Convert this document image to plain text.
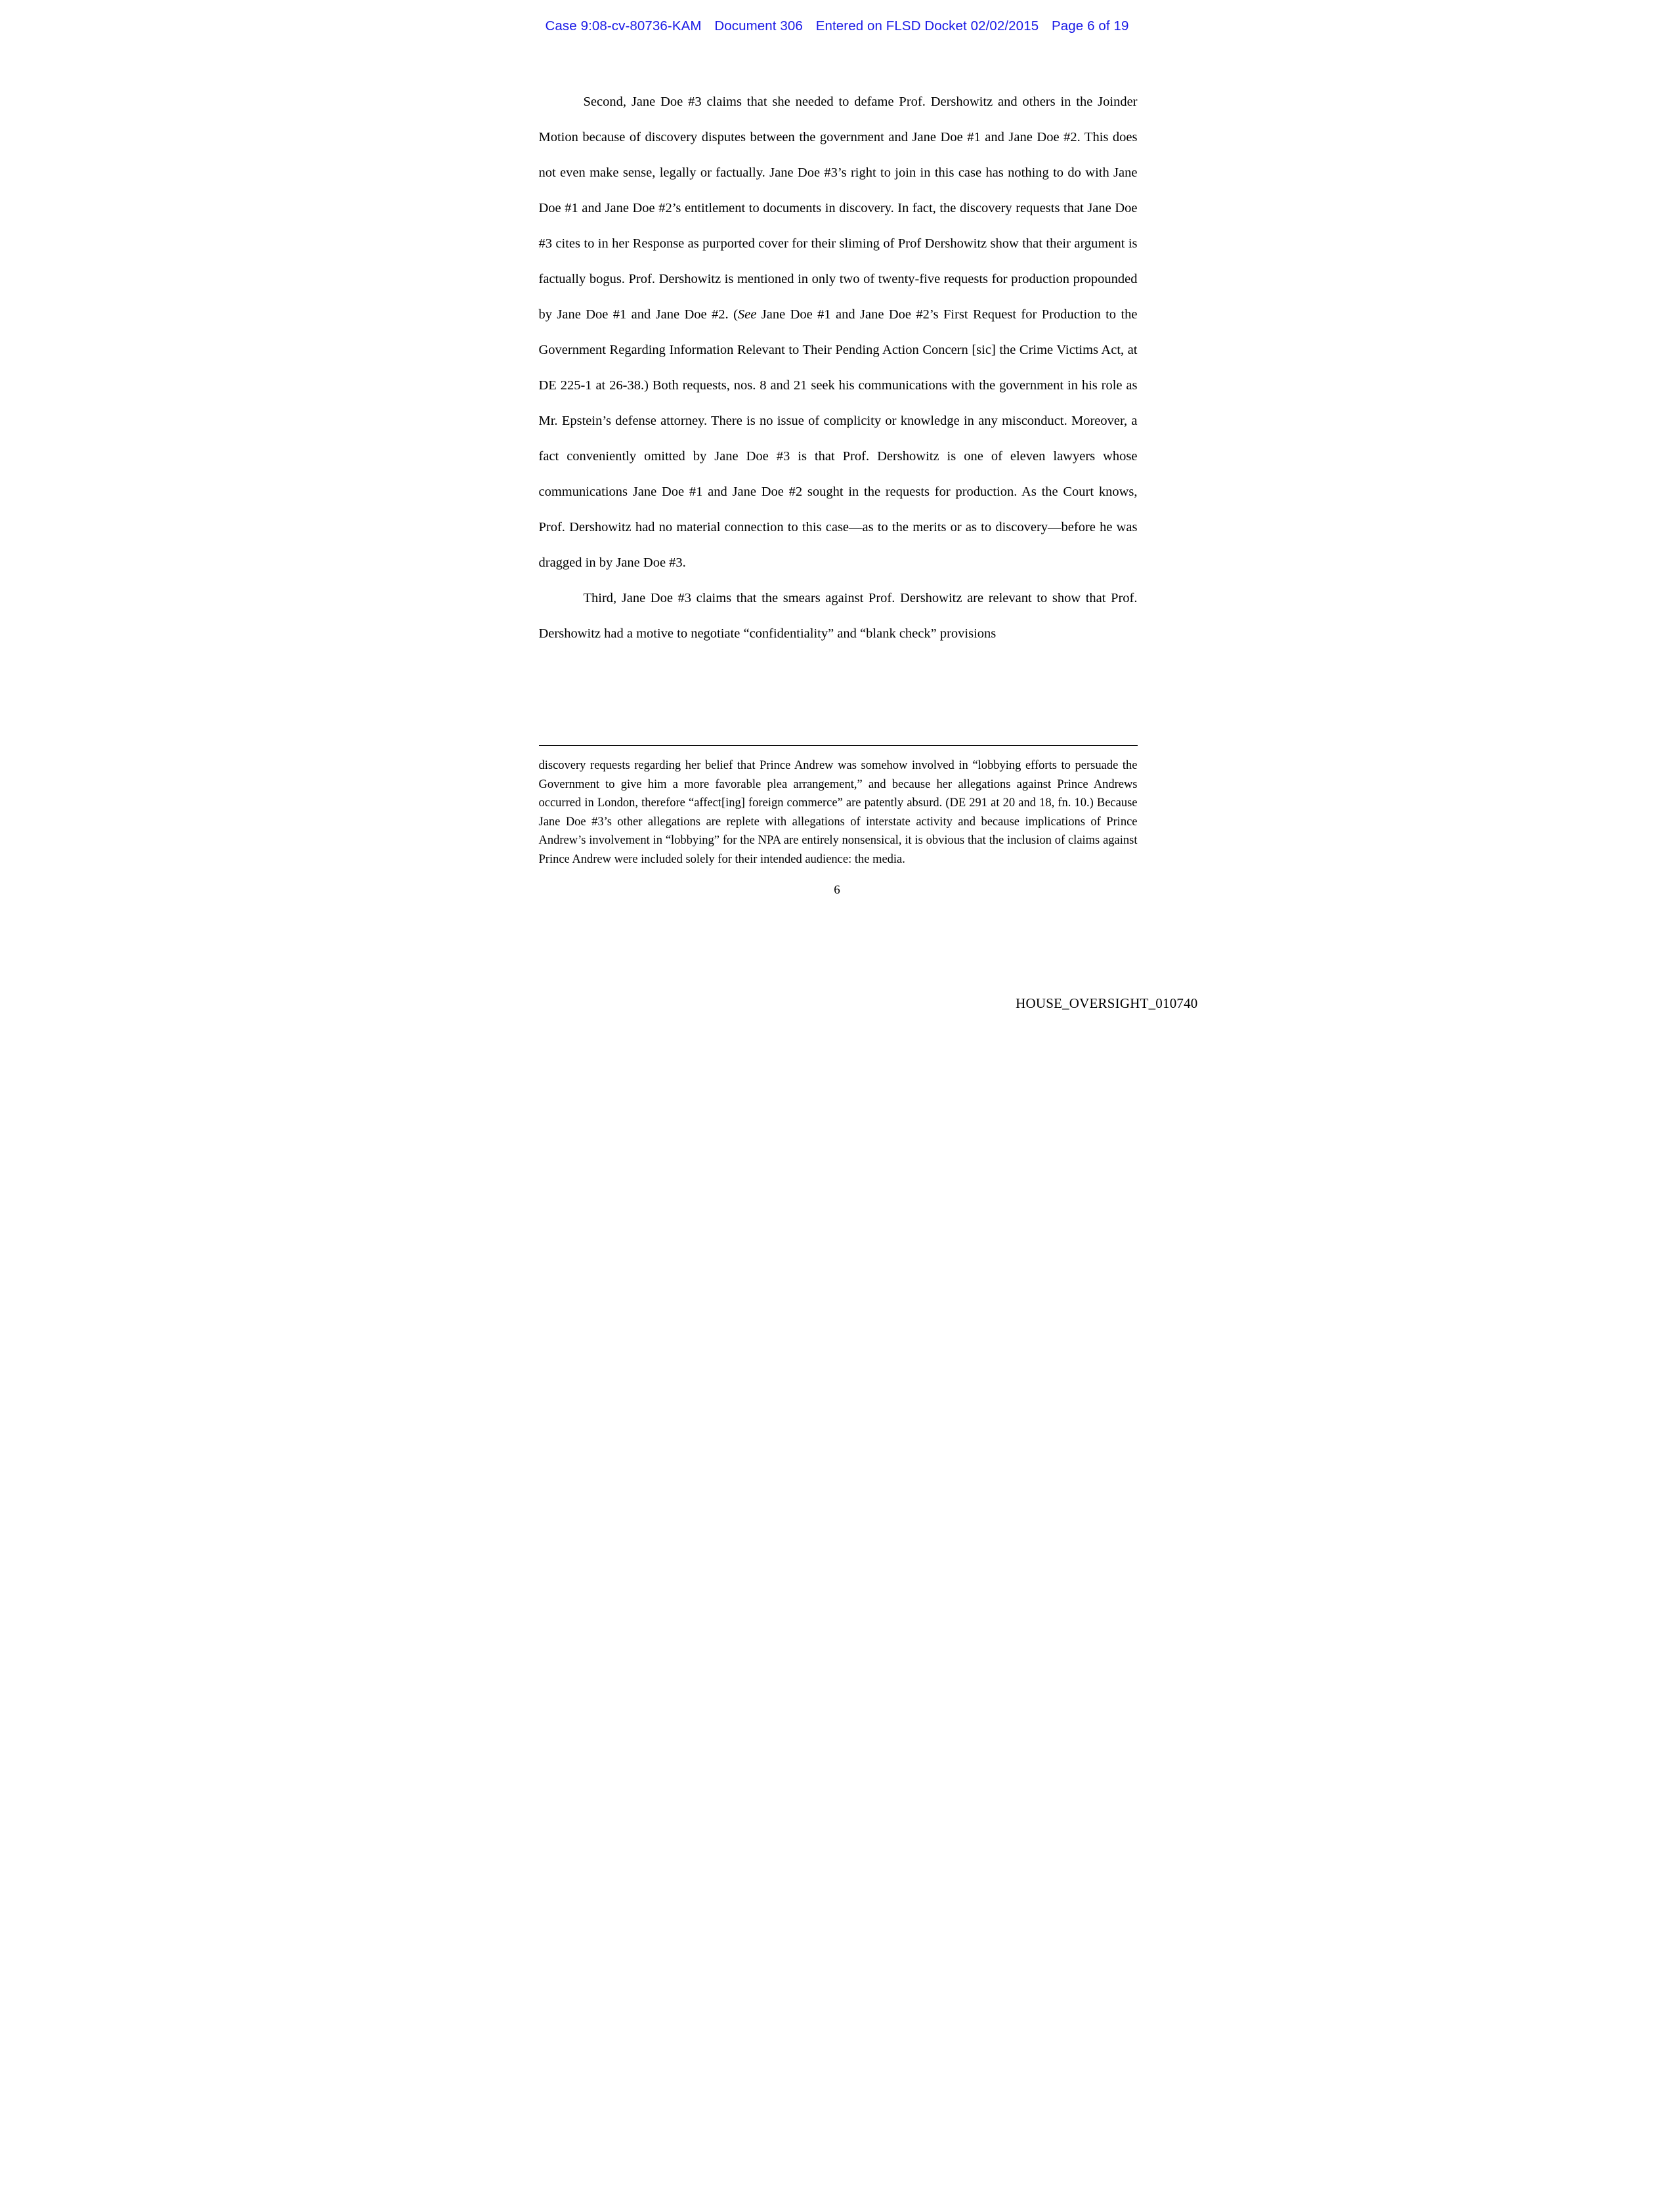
Case 9:08-cv-80736-KAM Document 306 Entered on FLSD Docket 02/02/2015 Page 6 of 19

Second, Jane Doe #3 claims that she needed to defame Prof. Dershowitz and others in the Joinder Motion because of discovery disputes between the government and Jane Doe #1 and Jane Doe #2. This does not even make sense, legally or factually. Jane Doe #3’s right to join in this case has nothing to do with Jane Doe #1 and Jane Doe #2’s entitlement to documents in discovery. In fact, the discovery requests that Jane Doe #3 cites to in her Response as purported cover for their sliming of Prof Dershowitz show that their argument is factually bogus. Prof. Dershowitz is mentioned in only two of twenty-five requests for production propounded by Jane Doe #1 and Jane Doe #2. (See Jane Doe #1 and Jane Doe #2’s First Request for Production to the Government Regarding Information Relevant to Their Pending Action Concern [sic] the Crime Victims Act, at DE 225-1 at 26-38.) Both requests, nos. 8 and 21 seek his communications with the government in his role as Mr. Epstein’s defense attorney. There is no issue of complicity or knowledge in any misconduct. Moreover, a fact conveniently omitted by Jane Doe #3 is that Prof. Dershowitz is one of eleven lawyers whose communications Jane Doe #1 and Jane Doe #2 sought in the requests for production. As the Court knows, Prof. Dershowitz had no material connection to this case—as to the merits or as to discovery—before he was dragged in by Jane Doe #3.

Third, Jane Doe #3 claims that the smears against Prof. Dershowitz are relevant to show that Prof. Dershowitz had a motive to negotiate “confidentiality” and “blank check” provisions

discovery requests regarding her belief that Prince Andrew was somehow involved in “lobbying efforts to persuade the Government to give him a more favorable plea arrangement,” and because her allegations against Prince Andrews occurred in London, therefore “affect[ing] foreign commerce” are patently absurd. (DE 291 at 20 and 18, fn. 10.) Because Jane Doe #3’s other allegations are replete with allegations of interstate activity and because implications of Prince Andrew’s involvement in “lobbying” for the NPA are entirely nonsensical, it is obvious that the inclusion of claims against Prince Andrew were included solely for their intended audience: the media.

6
HOUSE_OVERSIGHT_010740
